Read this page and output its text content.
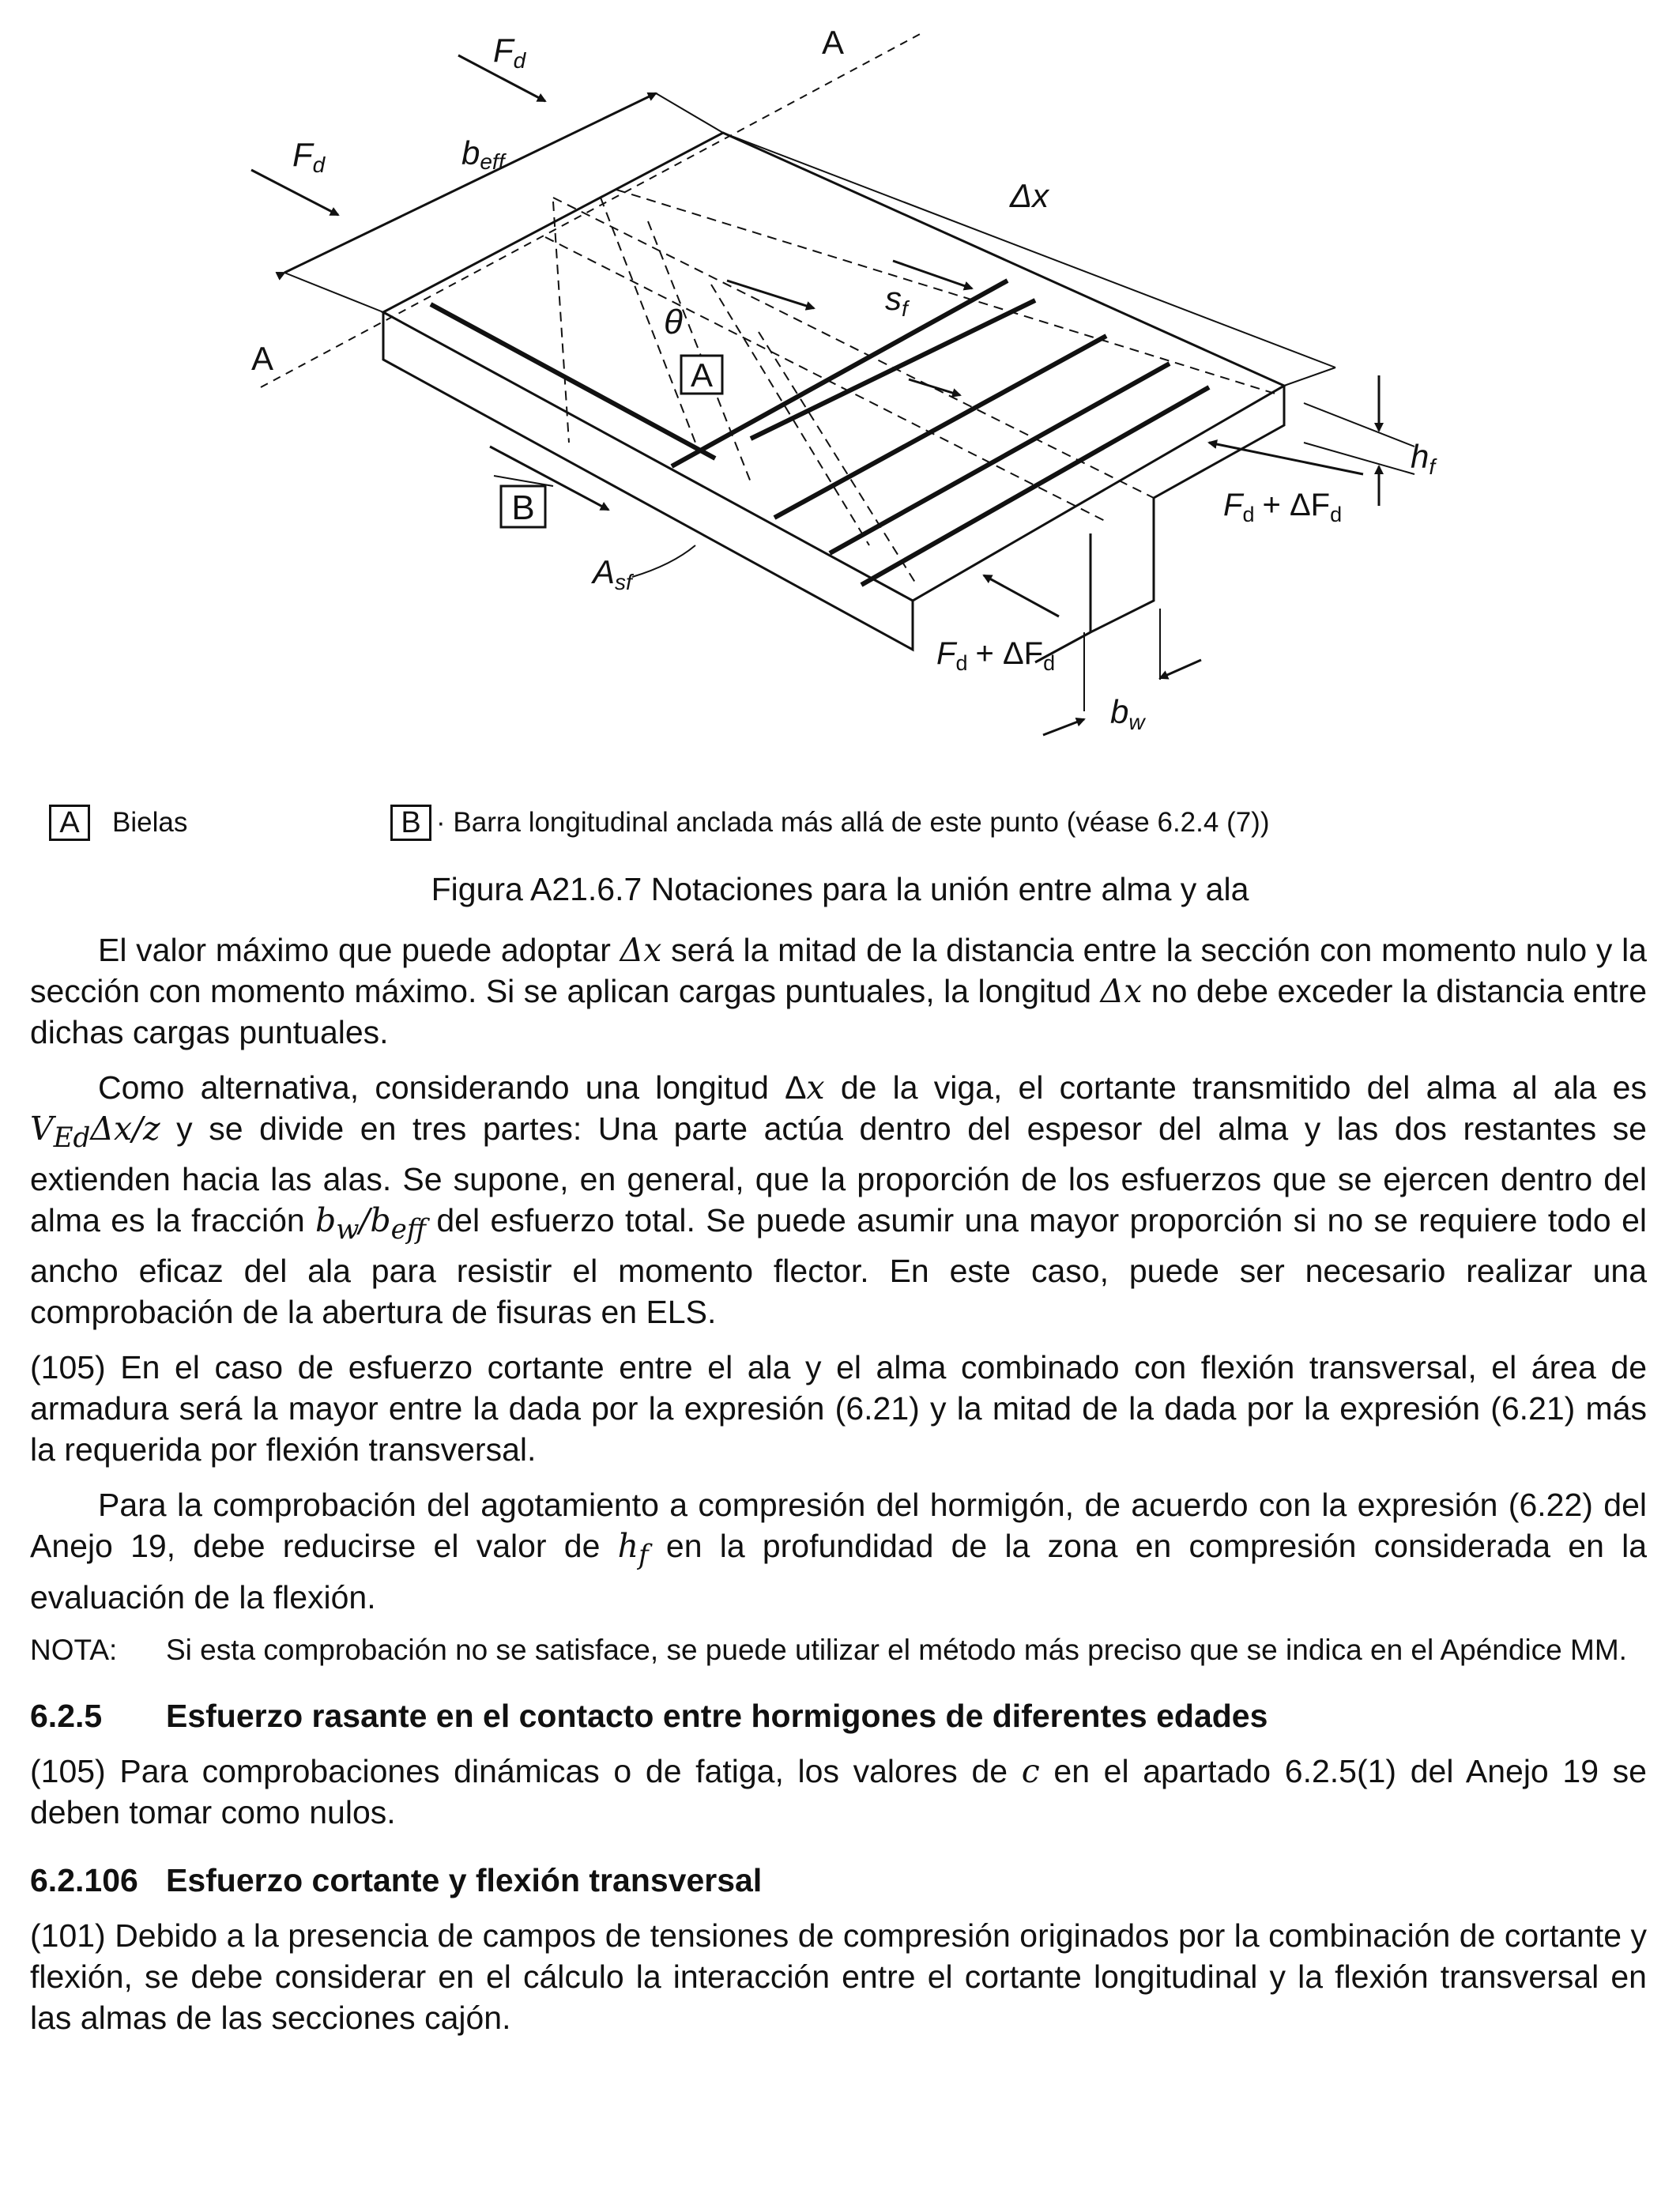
A
B
Fd
Fd	beff
A
A
Δx
sf
θ
Asf
hf
$F_d + \Delta F_d$
$F_d + \Delta F_d$
bw
A	Bielas	B · Barra longitudinal anclada más allá de este punto (véase 6.2.4 (7))
Figura A21.6.7 Notaciones para la unión entre alma y ala

El valor máximo que puede adoptar Δx será la mitad de la distancia entre la sección con momento nulo y la sección con momento máximo. Si se aplican cargas puntuales, la longitud Δx no debe exceder la distancia entre dichas cargas puntuales.

Como alternativa, considerando una longitud Δx de la viga, el cortante transmitido del alma al ala es $V_{Ed}\Delta x/z$ y se divide en tres partes: Una parte actúa dentro del espesor del alma y las dos restantes se extienden hacia las alas. Se supone, en general, que la proporción de los esfuerzos que se ejercen dentro del alma es la fracción $b_w/b_{eff}$ del esfuerzo total. Se puede asumir una mayor proporción si no se requiere todo el ancho eficaz del ala para resistir el momento flector. En este caso, puede ser necesario realizar una comprobación de la abertura de fisuras en ELS.

(105) En el caso de esfuerzo cortante entre el ala y el alma combinado con flexión transversal, el área de armadura será la mayor entre la dada por la expresión (6.21) y la mitad de la dada por la expresión (6.21) más la requerida por flexión transversal.

Para la comprobación del agotamiento a compresión del hormigón, de acuerdo con la expresión (6.22) del Anejo 19, debe reducirse el valor de $h_f$ en la profundidad de la zona en compresión considerada en la evaluación de la flexión.

NOTA:	Si esta comprobación no se satisface, se puede utilizar el método más preciso que se indica en el Apéndice MM.
6.2.5	Esfuerzo rasante en el contacto entre hormigones de diferentes edades

(105) Para comprobaciones dinámicas o de fatiga, los valores de c en el apartado 6.2.5(1) del Anejo 19 se deben tomar como nulos.

6.2.106 Esfuerzo cortante y flexión transversal

(101) Debido a la presencia de campos de tensiones de compresión originados por la combinación de cortante y flexión, se debe considerar en el cálculo la interacción entre el cortante longitudinal y la flexión transversal en las almas de las secciones cajón.
